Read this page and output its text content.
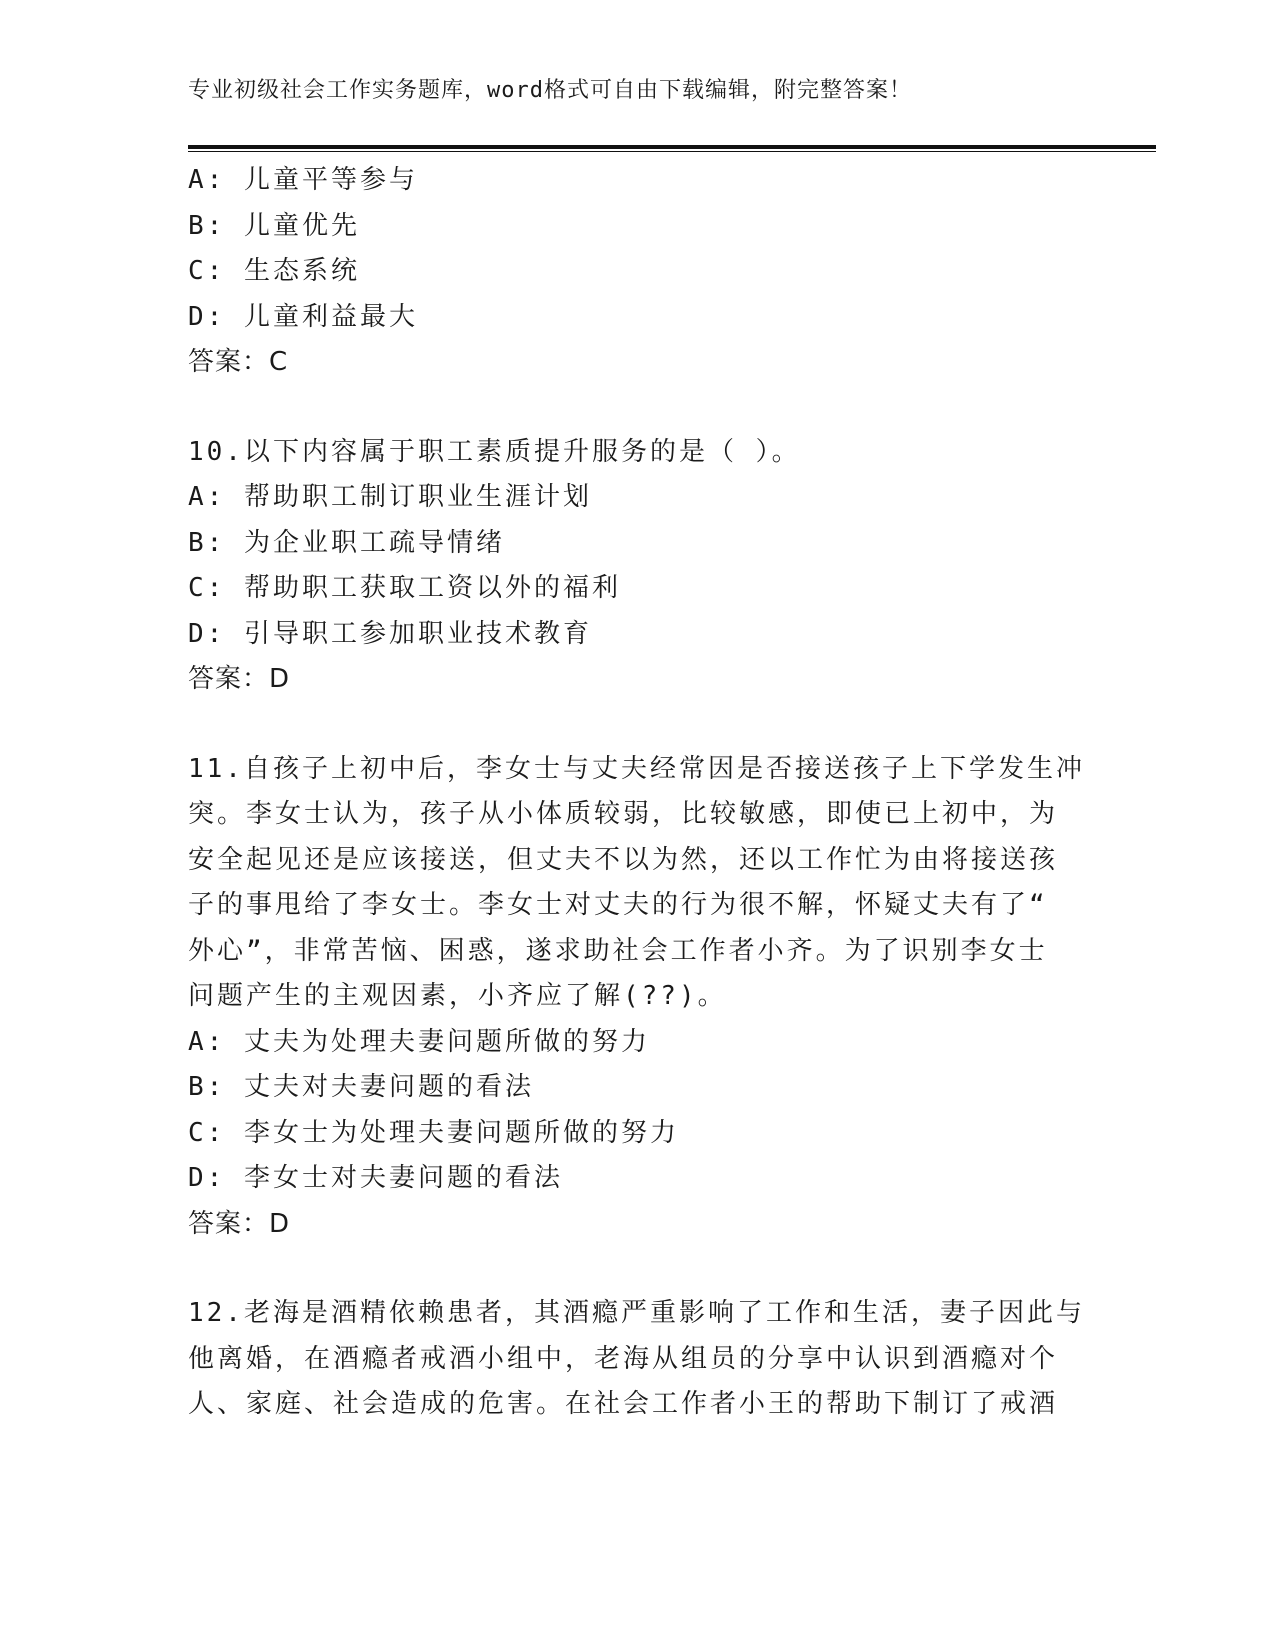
专业初级社会工作实务题库，word格式可自由下载编辑，附完整答案！
A: 儿童平等参与
B: 儿童优先
C: 生态系统
D: 儿童利益最大
答案：C
10.以下内容属于职工素质提升服务的是（ ）。
A: 帮助职工制订职业生涯计划
B: 为企业职工疏导情绪
C: 帮助职工获取工资以外的福利
D: 引导职工参加职业技术教育
答案：D
11.自孩子上初中后，李女士与丈夫经常因是否接送孩子上下学发生冲
突。李女士认为，孩子从小体质较弱，比较敏感，即使已上初中，为
安全起见还是应该接送，但丈夫不以为然，还以工作忙为由将接送孩
子的事甩给了李女士。李女士对丈夫的行为很不解，怀疑丈夫有了“
外心”，非常苦恼、困惑，遂求助社会工作者小齐。为了识别李女士
问题产生的主观因素，小齐应了解(??)。
A: 丈夫为处理夫妻问题所做的努力
B: 丈夫对夫妻问题的看法
C: 李女士为处理夫妻问题所做的努力
D: 李女士对夫妻问题的看法
答案：D
12.老海是酒精依赖患者，其酒瘾严重影响了工作和生活，妻子因此与
他离婚，在酒瘾者戒酒小组中，老海从组员的分享中认识到酒瘾对个
人、家庭、社会造成的危害。在社会工作者小王的帮助下制订了戒酒
